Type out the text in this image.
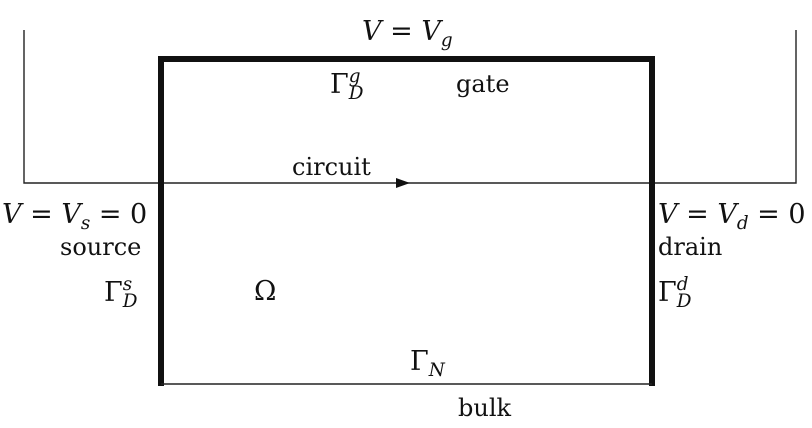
$V = V_g$
Γ g
D	gate
circuit
$V = V_s = 0$
source
Γ s
D	Ω
$V = V_d = 0$
drain
Γ d
D
$\Gamma_N$
bulk
